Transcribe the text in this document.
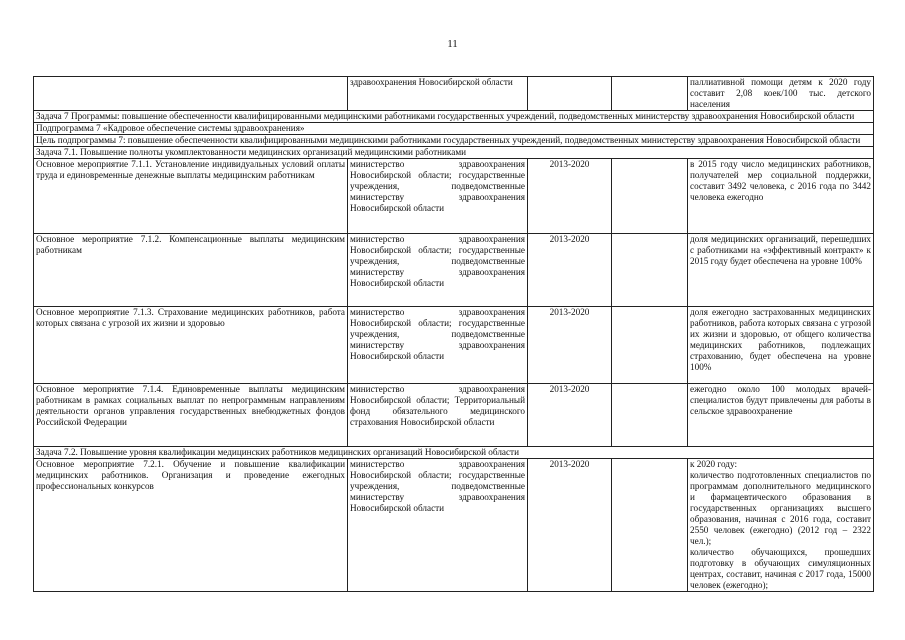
11
	здравоохранения Новосибирской области			паллиативной помощи детям к 2020 году составит 2,08 коек/100 тыс. детского населения
Задача 7 Программы: повышение обеспеченности квалифицированными медицинскими работниками государственных учреждений, подведомственных министерству здравоохранения Новосибирской области				
Подпрограмма 7 «Кадровое обеспечение системы здравоохранения»				
Цель подпрограммы 7: повышение обеспеченности квалифицированными медицинскими работниками государственных учреждений, подведомственных министерству здравоохранения Новосибирской области				
Задача 7.1. Повышение полноты укомплектованности медицинских организаций медицинскими работниками				
Основное мероприятие 7.1.1. Установление индивидуальных условий оплаты труда и единовременные денежные выплаты медицинским работникам	министерство здравоохранения Новосибирской области; государственные учреждения, подведомственные министерству здравоохранения Новосибирской области	2013-2020		в 2015 году число медицинских работников, получателей мер социальной поддержки, составит 3492 человека, с 2016 года по 3442 человека ежегодно
Основное мероприятие 7.1.2. Компенсационные выплаты медицинским работникам	министерство здравоохранения Новосибирской области; государственные учреждения, подведомственные министерству здравоохранения Новосибирской области	2013-2020		доля медицинских организаций, перешедших с работниками на «эффективный контракт» к 2015 году будет обеспечена на уровне 100%
Основное мероприятие 7.1.3. Страхование медицинских работников, работа которых связана с угрозой их жизни и здоровью	министерство здравоохранения Новосибирской области; государственные учреждения, подведомственные министерству здравоохранения Новосибирской области	2013-2020		доля ежегодно застрахованных медицинских работников, работа которых связана с угрозой их жизни и здоровью, от общего количества медицинских работников, подлежащих страхованию, будет обеспечена на уровне 100%
Основное мероприятие 7.1.4. Единовременные выплаты медицинским работникам в рамках социальных выплат по непрограммным направлениям деятельности органов управления государственных внебюджетных фондов Российской Федерации	министерство здравоохранения Новосибирской области; Территориальный фонд обязательного медицинского страхования Новосибирской области	2013-2020		ежегодно около 100 молодых врачей-специалистов будут привлечены для работы в сельское здравоохранение
Задача 7.2. Повышение уровня квалификации медицинских работников медицинских организаций Новосибирской области				
Основное мероприятие 7.2.1. Обучение и повышение квалификации медицинских работников. Организация и проведение ежегодных профессиональных конкурсов	министерство здравоохранения Новосибирской области; государственные учреждения, подведомственные министерству здравоохранения Новосибирской области	2013-2020		к 2020 году:
количество подготовленных специалистов по программам дополнительного медицинского и фармацевтического образования в государственных организациях высшего образования, начиная с 2016 года, составит 2550 человек (ежегодно) (2012 год – 2322 чел.);
количество обучающихся, прошедших подготовку в обучающих симуляционных центрах, составит, начиная с 2017 года, 15000 человек (ежегодно);
